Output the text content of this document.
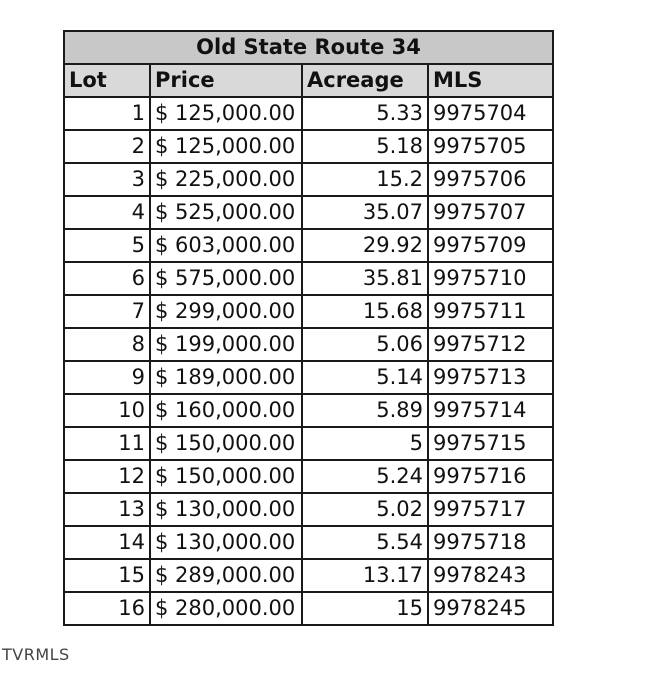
Old State Route 34			
Lot	Price	Acreage	MLS
1	$ 125,000.00	5.33	9975704
2	$ 125,000.00	5.18	9975705
3	$ 225,000.00	15.2	9975706
4	$ 525,000.00	35.07	9975707
5	$ 603,000.00	29.92	9975709
6	$ 575,000.00	35.81	9975710
7	$ 299,000.00	15.68	9975711
8	$ 199,000.00	5.06	9975712
9	$ 189,000.00	5.14	9975713
10	$ 160,000.00	5.89	9975714
11	$ 150,000.00	5	9975715
12	$ 150,000.00	5.24	9975716
13	$ 130,000.00	5.02	9975717
14	$ 130,000.00	5.54	9975718
15	$ 289,000.00	13.17	9978243
16	$ 280,000.00	15	9978245
TVRMLS
